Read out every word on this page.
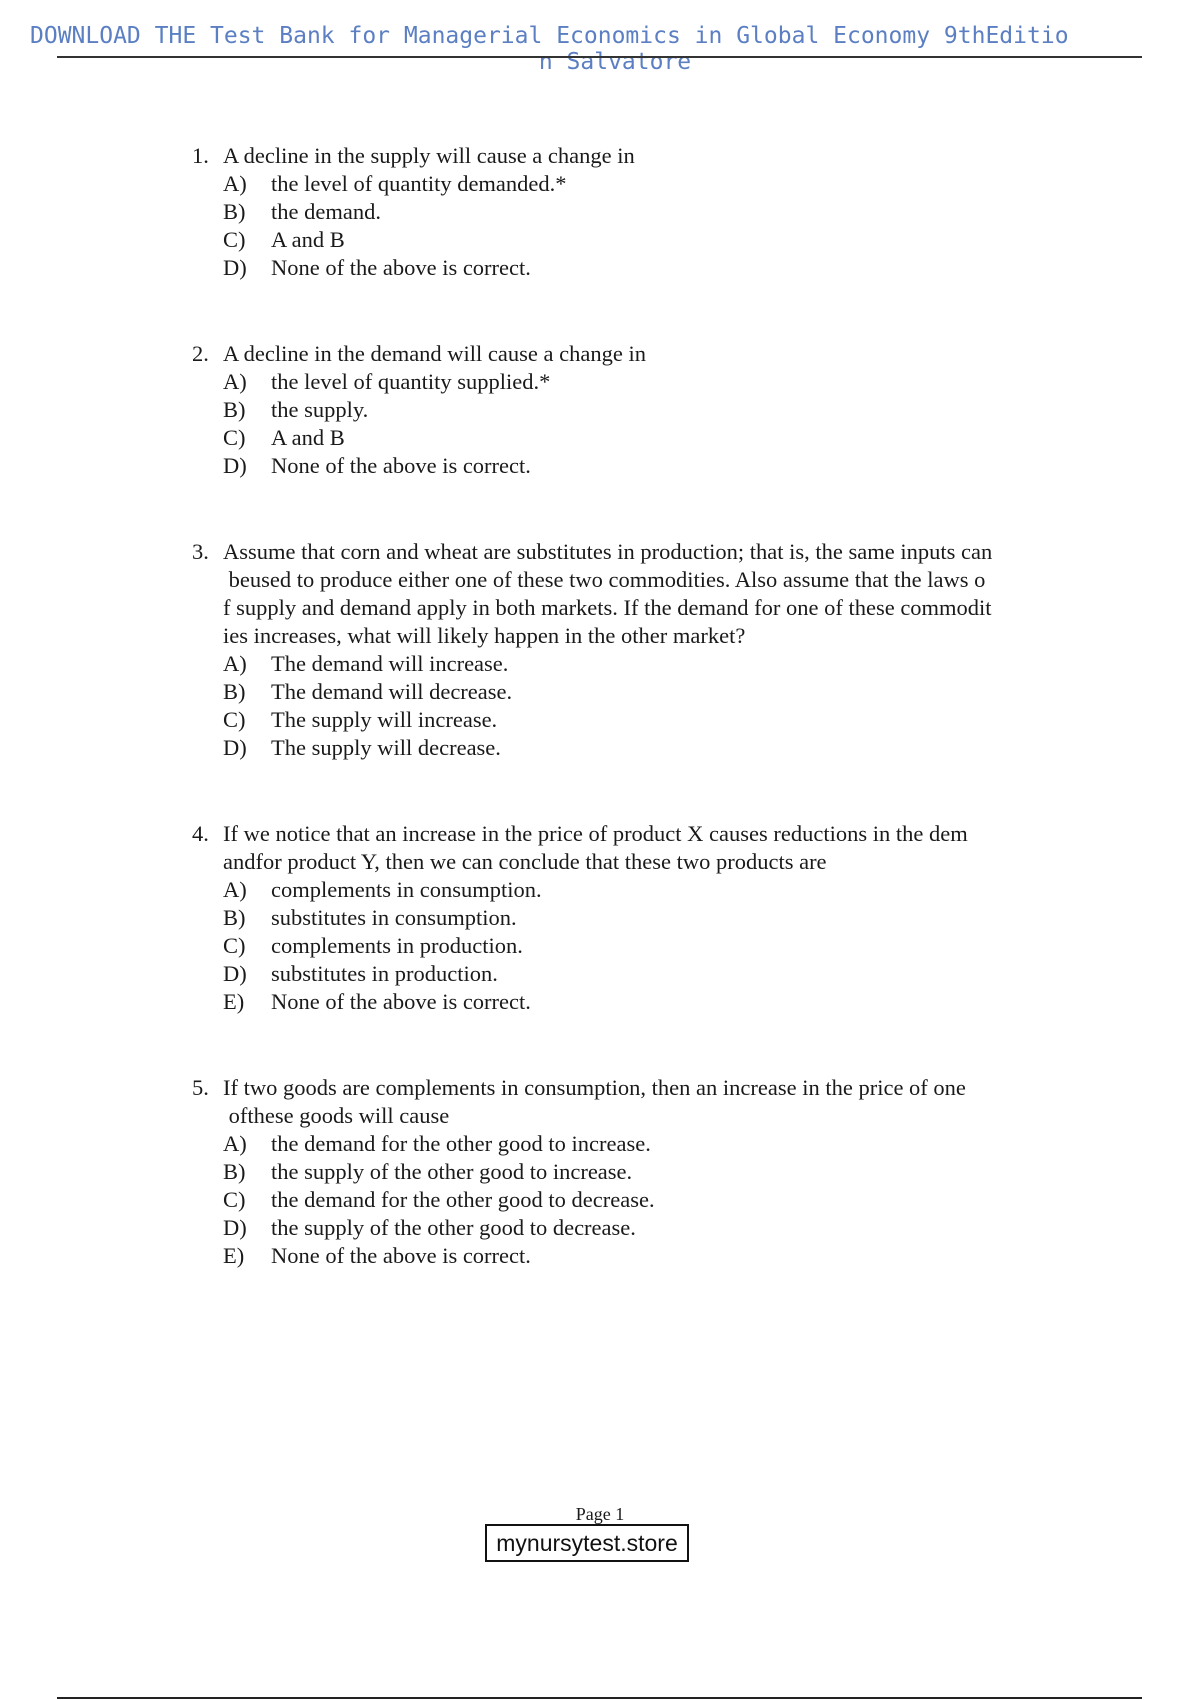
DOWNLOAD THE Test Bank for Managerial Economics in Global Economy 9thEditio
n Salvatore
1. A decline in the supply will cause a change in
A)	the level of quantity demanded.*
B)	the demand.
C)	A and B
D)	None of the above is correct.
2. A decline in the demand will cause a change in
A)	the level of quantity supplied.*
B)	the supply.
C)	A and B
D)	None of the above is correct.
3. Assume that corn and wheat are substitutes in production; that is, the same inputs can
beused to produce either one of these two commodities. Also assume that the laws o
f supply and demand apply in both markets. If the demand for one of these commodit
ies increases, what will likely happen in the other market?
A)	The demand will increase.
B)	The demand will decrease.
C)	The supply will increase.
D)	The supply will decrease.
4. If we notice that an increase in the price of product X causes reductions in the dem
andfor product Y, then we can conclude that these two products are
A)	complements in consumption.
B)	substitutes in consumption.
C)	complements in production.
D)	substitutes in production.
E)	None of the above is correct.
5. If two goods are complements in consumption, then an increase in the price of one
ofthese goods will cause
A)	the demand for the other good to increase.
B)	the supply of the other good to increase.
C)	the demand for the other good to decrease.
D)	the supply of the other good to decrease.
E)	None of the above is correct.
Page 1
mynursytest.store
